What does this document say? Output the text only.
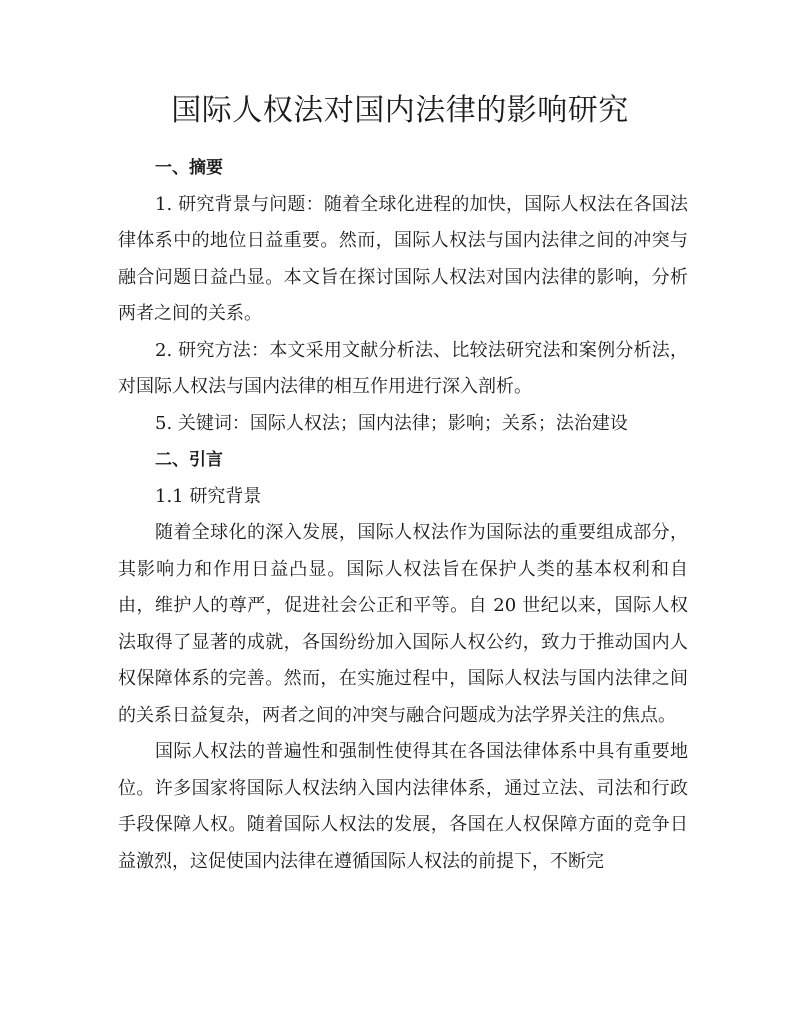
国际人权法对国内法律的影响研究

一、摘要

1. 研究背景与问题：随着全球化进程的加快，国际人权法在各国法律体系中的地位日益重要。然而，国际人权法与国内法律之间的冲突与融合问题日益凸显。本文旨在探讨国际人权法对国内法律的影响，分析两者之间的关系。

2. 研究方法：本文采用文献分析法、比较法研究法和案例分析法，对国际人权法与国内法律的相互作用进行深入剖析。

5. 关键词：国际人权法；国内法律；影响；关系；法治建设

二、引言

1.1 研究背景

随着全球化的深入发展，国际人权法作为国际法的重要组成部分，其影响力和作用日益凸显。国际人权法旨在保护人类的基本权利和自由，维护人的尊严，促进社会公正和平等。自 20 世纪以来，国际人权法取得了显著的成就，各国纷纷加入国际人权公约，致力于推动国内人权保障体系的完善。然而，在实施过程中，国际人权法与国内法律之间的关系日益复杂，两者之间的冲突与融合问题成为法学界关注的焦点。

国际人权法的普遍性和强制性使得其在各国法律体系中具有重要地位。许多国家将国际人权法纳入国内法律体系，通过立法、司法和行政手段保障人权。随着国际人权法的发展，各国在人权保障方面的竞争日益激烈，这促使国内法律在遵循国际人权法的前提下，不断完
